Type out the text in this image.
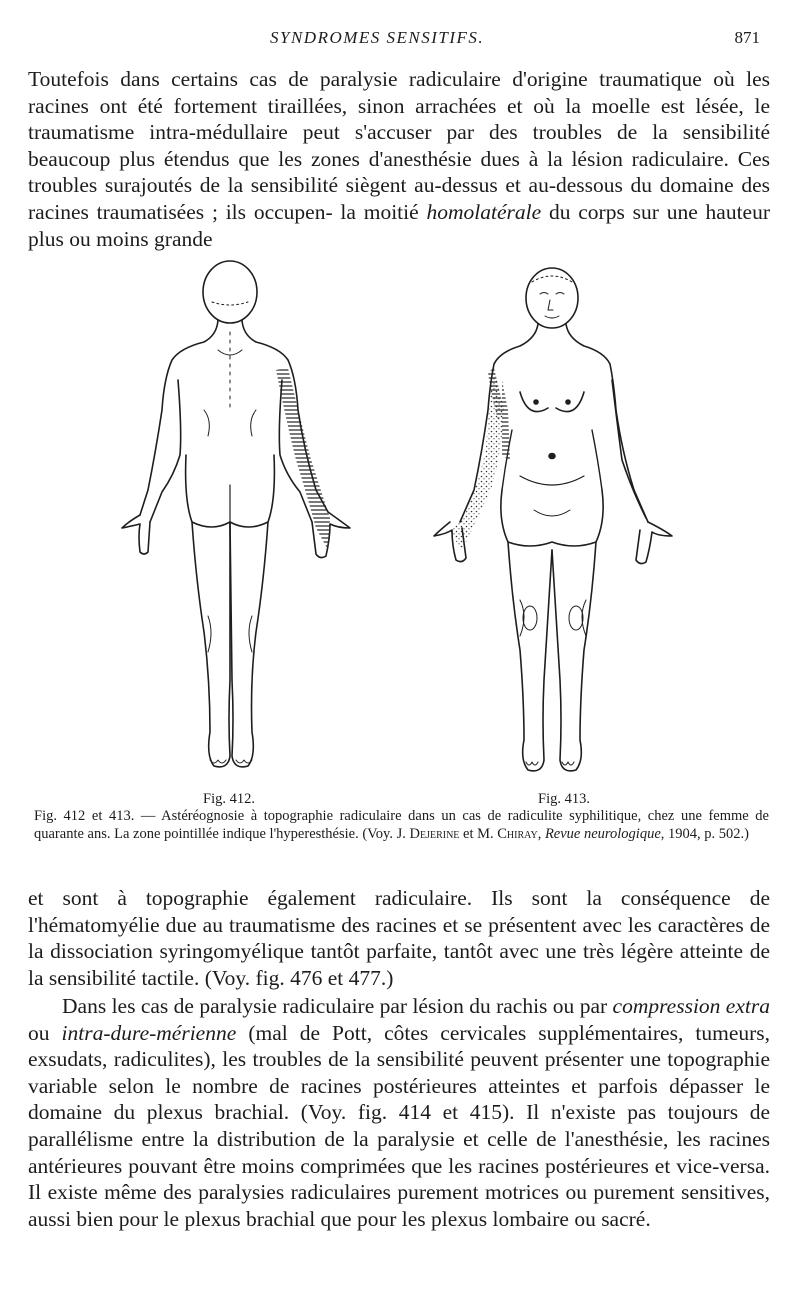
SYNDROMES SENSITIFS.	871

Toutefois dans certains cas de paralysie radiculaire d'origine traumatique où les racines ont été fortement tiraillées, sinon arrachées et où la moelle est lésée, le traumatisme intra-médullaire peut s'accuser par des troubles de la sensibilité beaucoup plus étendus que les zones d'anesthésie dues à la lésion radiculaire. Ces troubles surajoutés de la sensibilité siègent au-dessus et au-dessous du domaine des racines traumatisées ; ils occupen- la moitié homolatérale du corps sur une hauteur plus ou moins grande

Fig. 412.	Fig. 413.

Fig. 412 et 413. — Astéréognosie à topographie radiculaire dans un cas de radiculite syphilitique, chez une femme de quarante ans. La zone pointillée indique l'hyperesthésie. (Voy. J. Dejerine et M. Chiray, Revue neurologique, 1904, p. 502.)

et sont à topographie également radiculaire. Ils sont la conséquence de l'hématomyélie due au traumatisme des racines et se présentent avec les caractères de la dissociation syringomyélique tantôt parfaite, tantôt avec une très légère atteinte de la sensibilité tactile. (Voy. fig. 476 et 477.)

Dans les cas de paralysie radiculaire par lésion du rachis ou par compression extra ou intra-dure-mérienne (mal de Pott, côtes cervicales supplémentaires, tumeurs, exsudats, radiculites), les troubles de la sensibilité peuvent présenter une topographie variable selon le nombre de racines postérieures atteintes et parfois dépasser le domaine du plexus brachial. (Voy. fig. 414 et 415). Il n'existe pas toujours de parallélisme entre la distribution de la paralysie et celle de l'anesthésie, les racines antérieures pouvant être moins comprimées que les racines postérieures et vice-versa. Il existe même des paralysies radiculaires purement motrices ou purement sensitives, aussi bien pour le plexus brachial que pour les plexus lombaire ou sacré.
